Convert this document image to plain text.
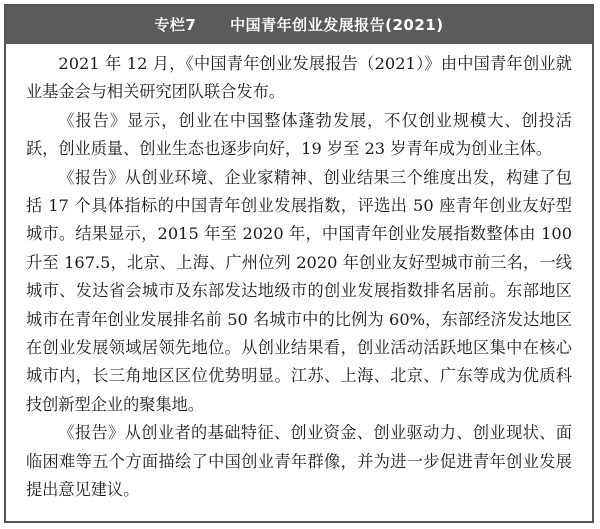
专栏7 中国青年创业发展报告(2021)

2021 年 12 月，《中国青年创业发展报告（2021）》由中国青年创业就业基金会与相关研究团队联合发布。

《报告》显示，创业在中国整体蓬勃发展，不仅创业规模大、创投活跃，创业质量、创业生态也逐步向好，19 岁至 23 岁青年成为创业主体。

《报告》从创业环境、企业家精神、创业结果三个维度出发，构建了包括 17 个具体指标的中国青年创业发展指数，评选出 50 座青年创业友好型城市。结果显示，2015 年至 2020 年，中国青年创业发展指数整体由 100 升至 167.5，北京、上海、广州位列 2020 年创业友好型城市前三名，一线城市、发达省会城市及东部发达地级市的创业发展指数排名居前。东部地区城市在青年创业发展排名前 50 名城市中的比例为 60%，东部经济发达地区在创业发展领域居领先地位。从创业结果看，创业活动活跃地区集中在核心城市内，长三角地区区位优势明显。江苏、上海、北京、广东等成为优质科技创新型企业的聚集地。

《报告》从创业者的基础特征、创业资金、创业驱动力、创业现状、面临困难等五个方面描绘了中国创业青年群像，并为进一步促进青年创业发展提出意见建议。
